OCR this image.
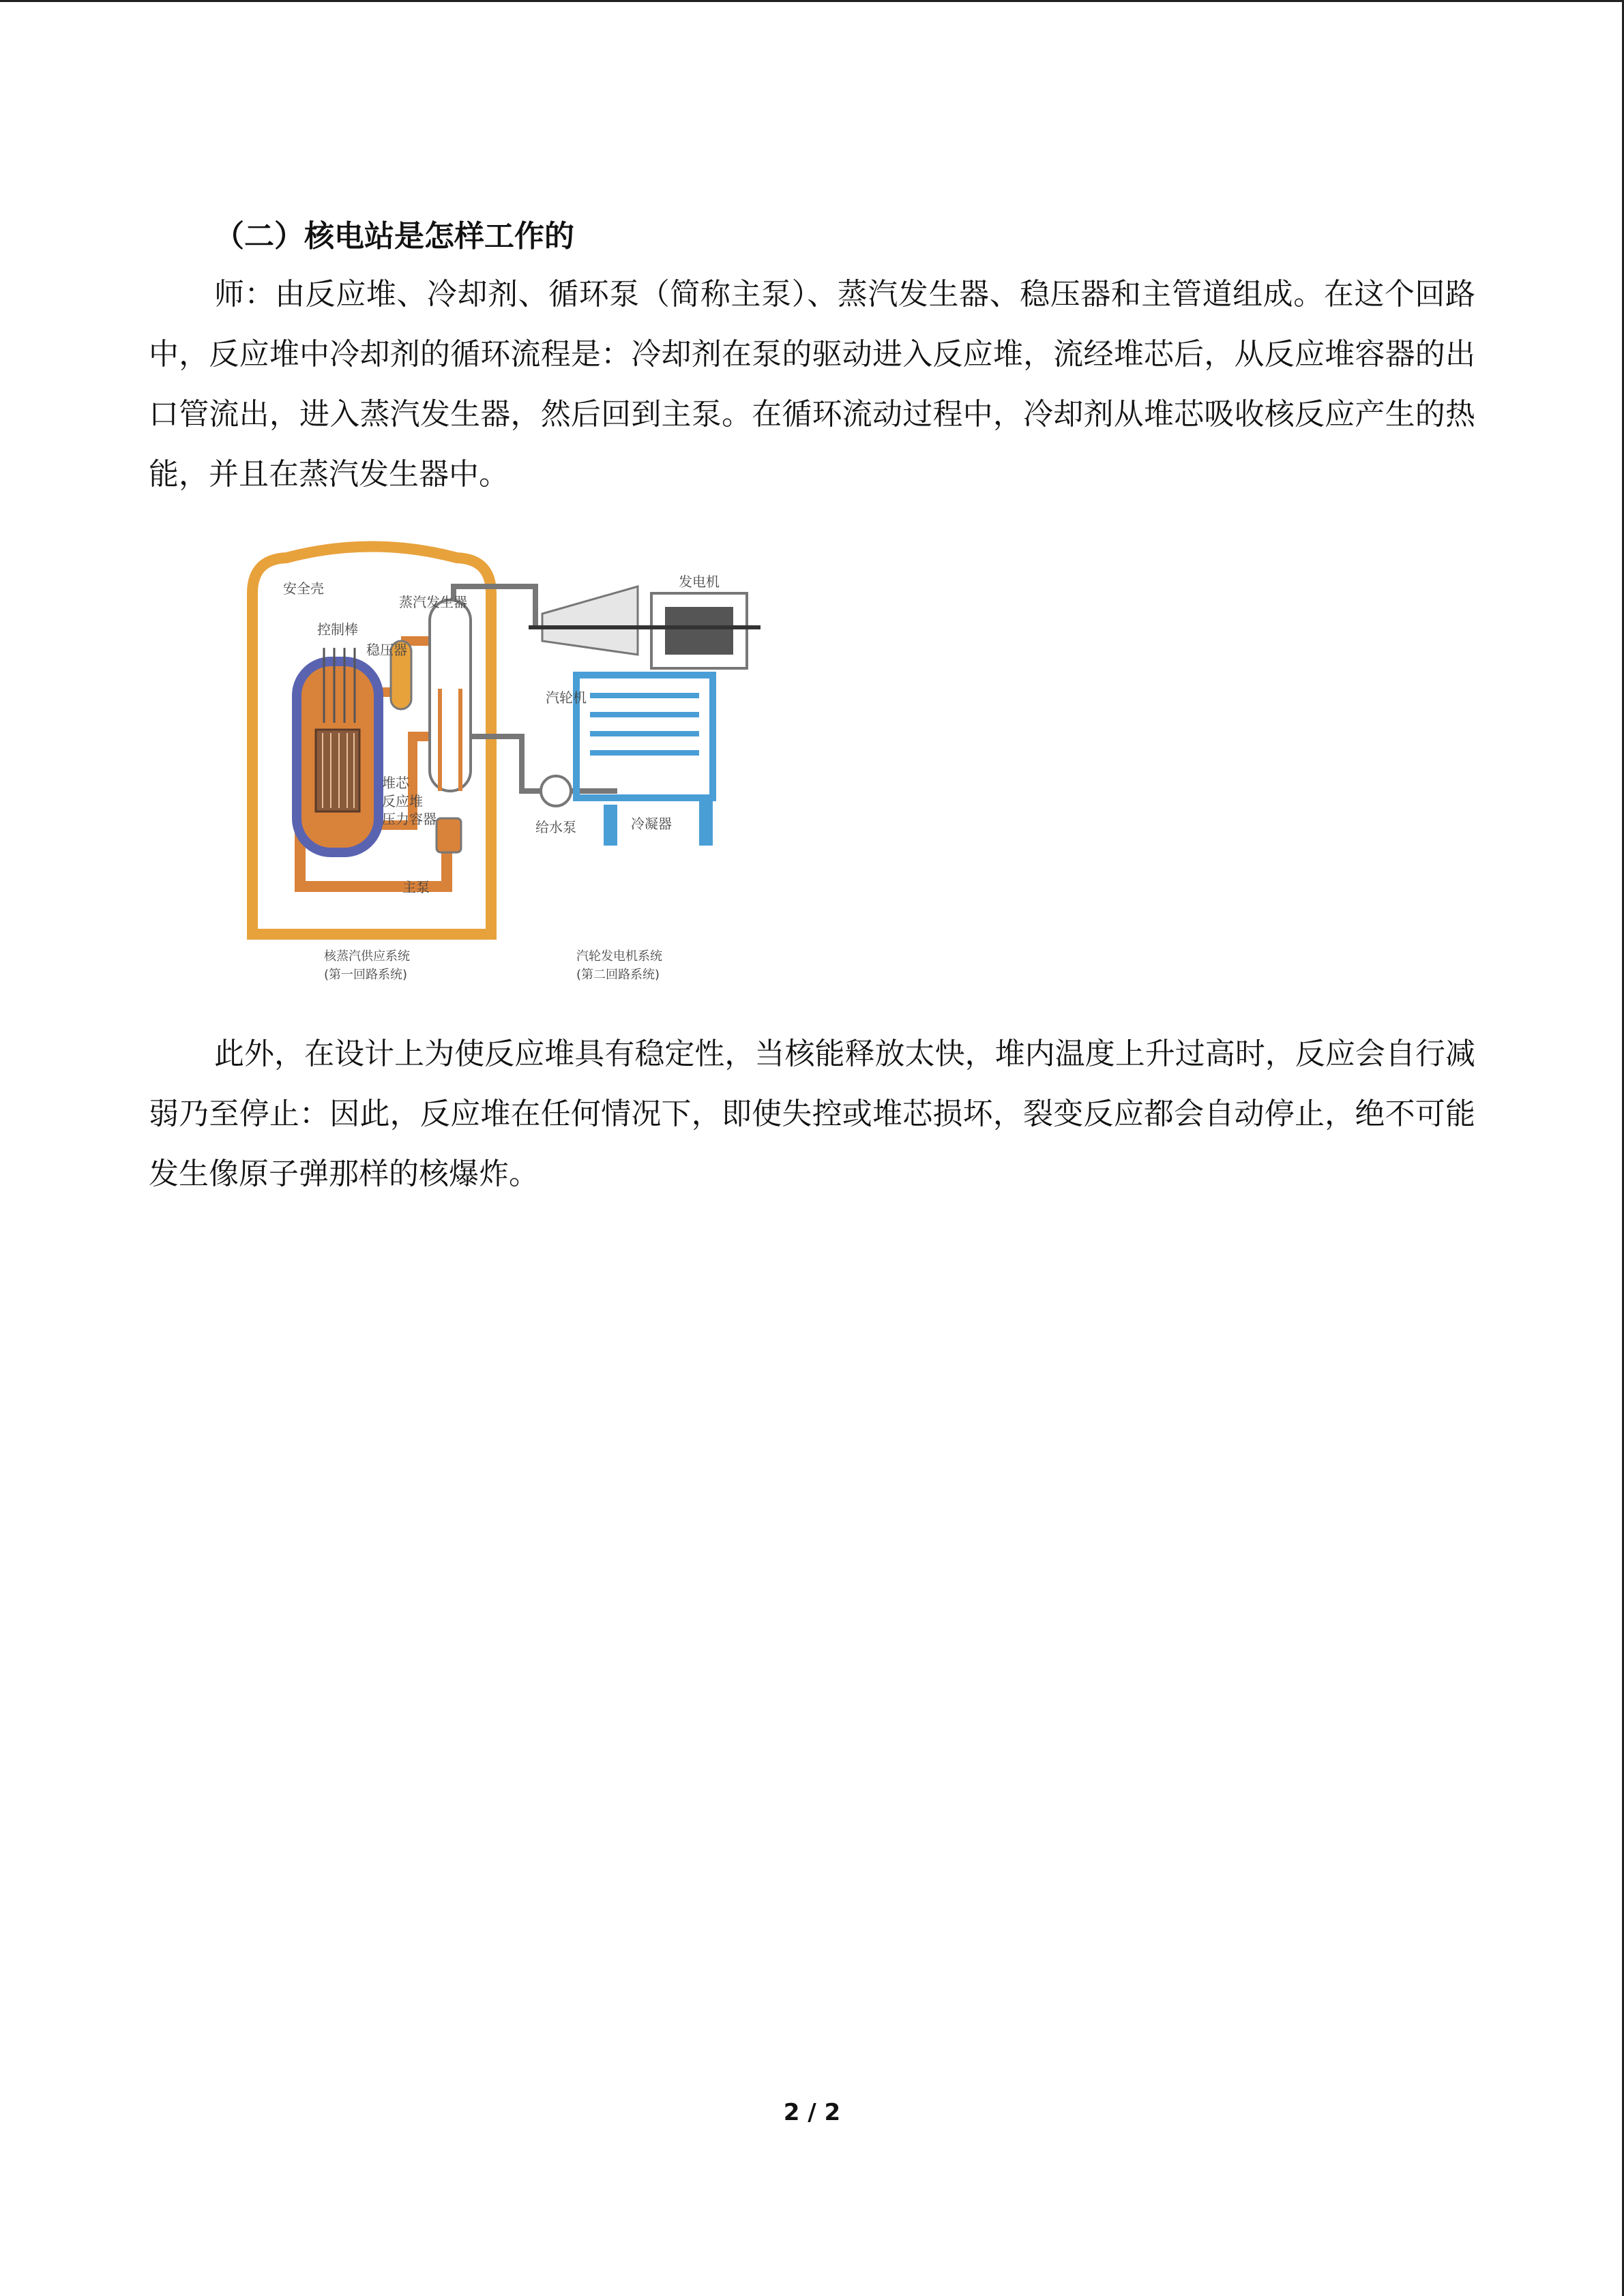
（二）核电站是怎样工作的

师：由反应堆、冷却剂、循环泵（简称主泵）、蒸汽发生器、稳压器和主管道组成。在这个回路中，反应堆中冷却剂的循环流程是：冷却剂在泵的驱动进入反应堆，流经堆芯后，从反应堆容器的出口管流出，进入蒸汽发生器，然后回到主泵。在循环流动过程中，冷却剂从堆芯吸收核反应产生的热能，并且在蒸汽发生器中。

安全壳
蒸汽发生器
发电机
控制棒
稳压器
汽轮机
堆芯
反应堆
压力容器	给水泵	冷凝器
主泵
核蒸汽供应系统
(第一回路系统)
汽轮发电机系统
(第二回路系统)

此外，在设计上为使反应堆具有稳定性，当核能释放太快，堆内温度上升过高时，反应会自行减弱乃至停止：因此，反应堆在任何情况下，即使失控或堆芯损坏，裂变反应都会自动停止，绝不可能发生像原子弹那样的核爆炸。

2 / 2
